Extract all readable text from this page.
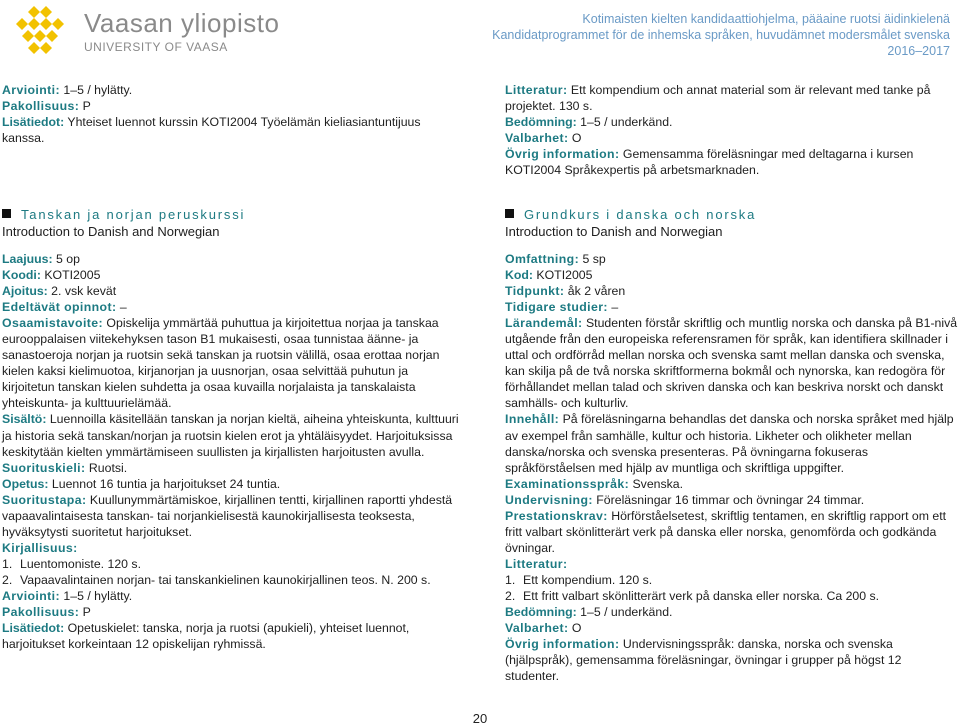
Vaasan yliopisto
UNIVERSITY OF VAASA
Kotimaisten kielten kandidaattiohjelma, pääaine ruotsi äidinkielenä
Kandidatprogrammet för de inhemska språken, huvudämnet modersmålet svenska
2016–2017

Arviointi: 1–5 / hylätty.

Pakollisuus: P

Lisätiedot: Yhteiset luennot kurssin KOTI2004 Työelämän kieliasiantuntijuus kanssa.

Litteratur: Ett kompendium och annat material som är relevant med tanke på projektet. 130 s.

Bedömning: 1–5 / underkänd.

Valbarhet: O

Övrig information: Gemensamma föreläsningar med deltagarna i kursen KOTI2004 Språkexpertis på arbetsmarknaden.

Tanskan ja norjan peruskurssi
Introduction to Danish and Norwegian

Laajuus: 5 op

Koodi: KOTI2005

Ajoitus: 2. vsk kevät

Edeltävät opinnot: –

Osaamistavoite: Opiskelija ymmärtää puhuttua ja kirjoitettua norjaa ja tanskaa eurooppalaisen viitekehyksen tason B1 mukaisesti, osaa tunnistaa äänne- ja sanastoeroja norjan ja ruotsin sekä tanskan ja ruotsin välillä, osaa erottaa norjan kielen kaksi kielimuotoa, kirjanorjan ja uusnorjan, osaa selvittää puhutun ja kirjoitetun tanskan kielen suhdetta ja osaa kuvailla norjalaista ja tanskalaista yhteiskunta- ja kulttuurielämää.

Sisältö: Luennoilla käsitellään tanskan ja norjan kieltä, aiheina yhteiskunta, kulttuuri ja historia sekä tanskan/norjan ja ruotsin kielen erot ja yhtäläisyydet. Harjoituksissa keskitytään kielten ymmärtämiseen suullisten ja kirjallisten harjoitusten avulla.

Suorituskieli: Ruotsi.

Opetus: Luennot 16 tuntia ja harjoitukset 24 tuntia.

Suoritustapa: Kuullunymmärtämiskoe, kirjallinen tentti, kirjallinen raportti yhdestä vapaavalintaisesta tanskan- tai norjankielisestä kaunokirjallisesta teoksesta, hyväksytysti suoritetut harjoitukset.

Kirjallisuus:

1. Luentomoniste. 120 s.
2. Vapaavalintainen norjan- tai tanskankielinen kaunokirjallinen teos. N. 200 s.

Arviointi: 1–5 / hylätty.

Pakollisuus: P

Lisätiedot: Opetuskielet: tanska, norja ja ruotsi (apukieli), yhteiset luennot, harjoitukset korkeintaan 12 opiskelijan ryhmissä.

Grundkurs i danska och norska
Introduction to Danish and Norwegian

Omfattning: 5 sp

Kod: KOTI2005

Tidpunkt: åk 2 våren

Tidigare studier: –

Lärandemål: Studenten förstår skriftlig och muntlig norska och danska på B1-nivå utgående från den europeiska referensramen för språk, kan identifiera skillnader i uttal och ordförråd mellan norska och svenska samt mellan danska och svenska, kan skilja på de två norska skriftformerna bokmål och nynorska, kan redogöra för förhållandet mellan talad och skriven danska och kan beskriva norskt och danskt samhälls- och kulturliv.

Innehåll: På föreläsningarna behandlas det danska och norska språket med hjälp av exempel från samhälle, kultur och historia. Likheter och olikheter mellan danska/norska och svenska presenteras. På övningarna fokuseras språkförståelsen med hjälp av muntliga och skriftliga uppgifter.

Examinationsspråk: Svenska.

Undervisning: Föreläsningar 16 timmar och övningar 24 timmar.

Prestationskrav: Hörförståelsetest, skriftlig tentamen, en skriftlig rapport om ett fritt valbart skönlitterärt verk på danska eller norska, genomförda och godkända övningar.

Litteratur:

1. Ett kompendium. 120 s.
2. Ett fritt valbart skönlitterärt verk på danska eller norska. Ca 200 s.

Bedömning: 1–5 / underkänd.

Valbarhet: O

Övrig information: Undervisningsspråk: danska, norska och svenska (hjälpspråk), gemensamma föreläsningar, övningar i grupper på högst 12 studenter.

20
